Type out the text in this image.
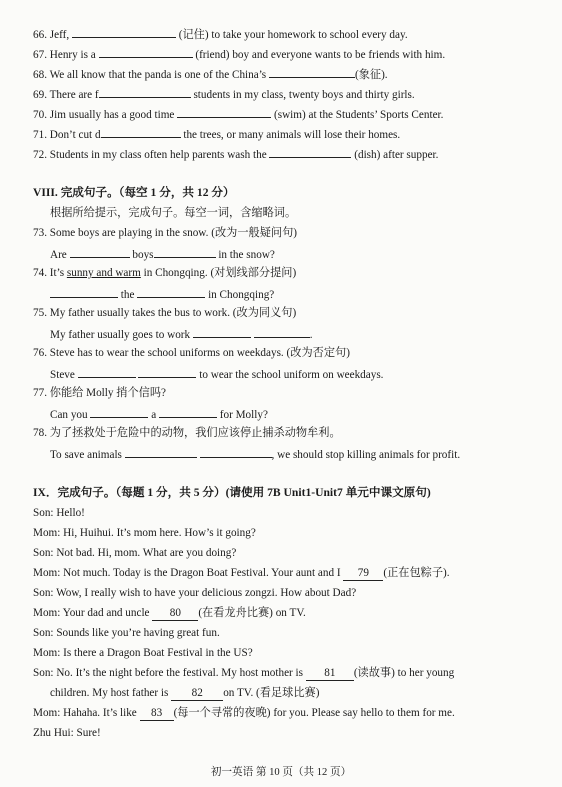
66. Jeff,	(记住) to take your homework to school every day.
67. Henry is a	(friend) boy and everyone wants to be friends with him.
68. We all know that the panda is one of the China’s	(象征).
69. There are f	students in my class, twenty boys and thirty girls.
70. Jim usually has a good time	(swim) at the Students’ Sports Center.
71. Don’t cut d	the trees, or many animals will lose their homes.
72. Students in my class often help parents wash the	(dish) after supper.
VIII. 完成句子。（每空 1 分，共 12 分）
根据所给提示，完成句子。每空一词，含缩略词。
73. Some boys are playing in the snow. (改为一般疑问句)
Are	boys	in the snow?
74. It’s sunny and warm in Chongqing. (对划线部分提问)
the	in Chongqing?
75. My father usually takes the bus to work. (改为同义句)
My father usually goes to work	.
76. Steve has to wear the school uniforms on weekdays. (改为否定句)
Steve	to wear the school uniform on weekdays.
77. 你能给 Molly 捎个信吗?
Can you	a	for Molly?
78. 为了拯救处于危险中的动物，我们应该停止捕杀动物牟利。
To save animals	, we should stop killing animals for profit.
IX．完成句子。（每题 1 分，共 5 分）(请使用 7B Unit1-Unit7 单元中课文原句)
Son: Hello!
Mom: Hi, Huihui. It’s mom here. How’s it going?
Son: Not bad. Hi, mom. What are you doing?
Mom: Not much. Today is the Dragon Boat Festival. Your aunt and I 79 (正在包粽子).
Son: Wow, I really wish to have your delicious zongzi. How about Dad?
Mom: Your dad and uncle 80 (在看龙舟比赛) on TV.
Son: Sounds like you’re having great fun.
Mom: Is there a Dragon Boat Festival in the US?
Son: No. It’s the night before the festival. My host mother is 81 (读故事) to her young
children. My host father is 82 on TV. (看足球比赛)
Mom: Hahaha. It’s like 83 (每一个寻常的夜晚) for you. Please say hello to them for me.
Zhu Hui: Sure!
初一英语 第 10 页（共 12 页）
